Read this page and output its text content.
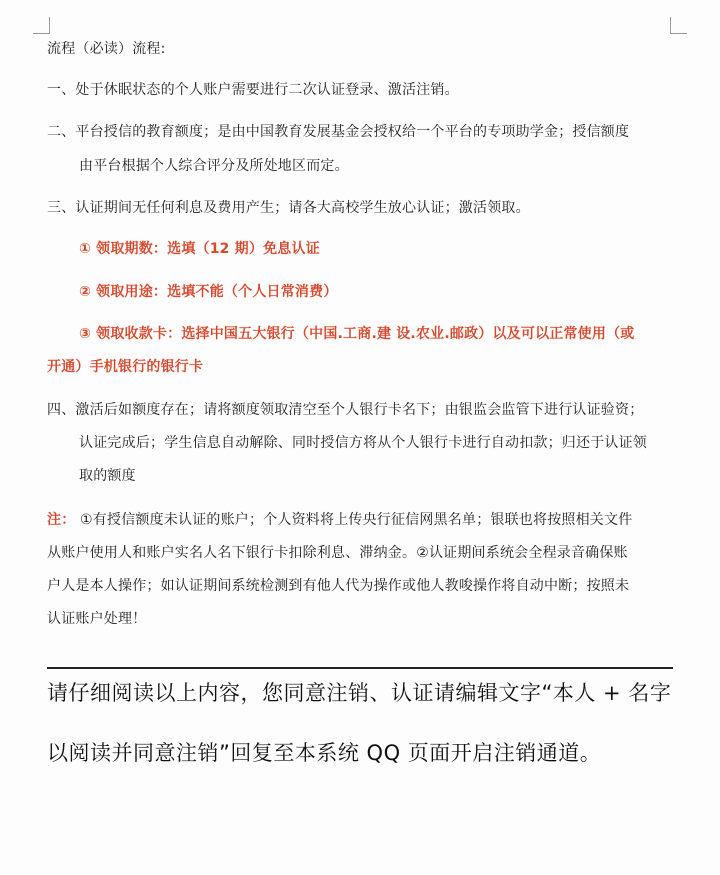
流程（必读）流程:
一、处于休眠状态的个人账户需要进行二次认证登录、激活注销。
二、平台授信的教育额度；是由中国教育发展基金会授权给一个平台的专项助学金；授信额度
由平台根据个人综合评分及所处地区而定。
三、认证期间无任何利息及费用产生；请各大高校学生放心认证；激活领取。
① 领取期数：选填（12 期）免息认证
② 领取用途：选填不能（个人日常消费）
③ 领取收款卡：选择中国五大银行（中国.工商.建 设.农业.邮政）以及可以正常使用（或
开通）手机银行的银行卡
四、激活后如额度存在；请将额度领取清空至个人银行卡名下；由银监会监管下进行认证验资；
认证完成后；学生信息自动解除、同时授信方将从个人银行卡进行自动扣款；归还于认证领
取的额度
注： ①有授信额度未认证的账户；个人资料将上传央行征信网黑名单；银联也将按照相关文件
从账户使用人和账户实名人名下银行卡扣除利息、滞纳金。②认证期间系统会全程录音确保账
户人是本人操作；如认证期间系统检测到有他人代为操作或他人教唆操作将自动中断；按照未
认证账户处理！
请仔细阅读以上内容，您同意注销、认证请编辑文字“本人 + 名字
以阅读并同意注销”回复至本系统 QQ 页面开启注销通道。
